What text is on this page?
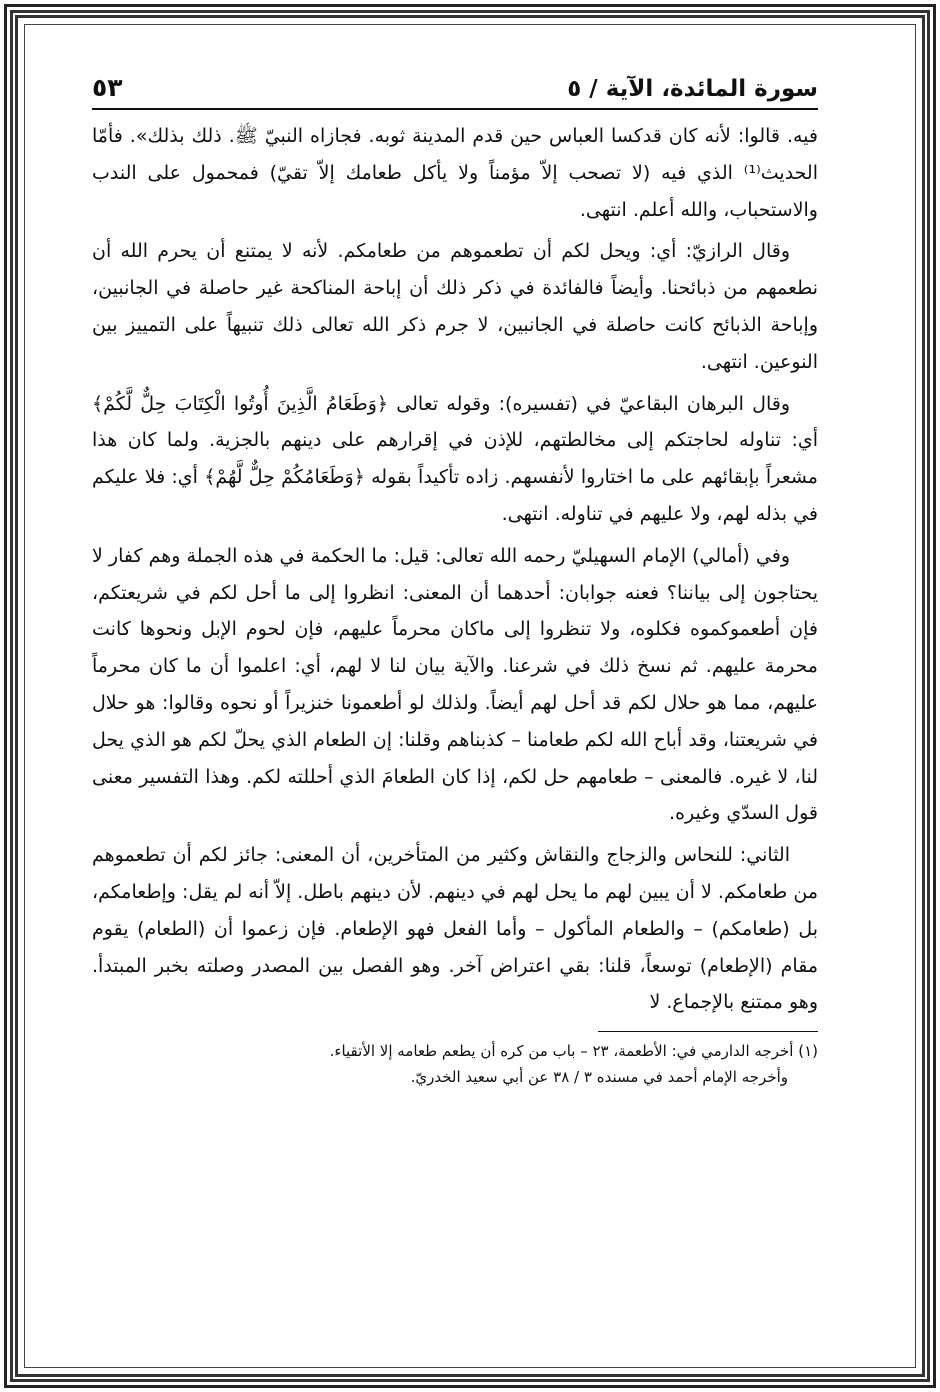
سورة المائدة، الآية / ٥
٥٣

فيه. قالوا: لأنه كان قدكسا العباس حين قدم المدينة ثوبه. فجازاه النبيّ ﷺ. ذلك بذلك». فأمّا الحديث⁽¹⁾ الذي فيه (لا تصحب إلاّ مؤمناً ولا يأكل طعامك إلاّ تقيّ) فمحمول على الندب والاستحباب، والله أعلم. انتهى.

وقال الرازيّ: أي: ويحل لكم أن تطعموهم من طعامكم. لأنه لا يمتنع أن يحرم الله أن نطعمهم من ذبائحنا. وأيضاً فالفائدة في ذكر ذلك أن إباحة المناكحة غير حاصلة في الجانبين، وإباحة الذبائح كانت حاصلة في الجانبين، لا جرم ذكر الله تعالى ذلك تنبيهاً على التمييز بين النوعين. انتهى.

وقال البرهان البقاعيّ في (تفسيره): وقوله تعالى ﴿وَطَعَامُ الَّذِينَ أُوتُوا الْكِتَابَ حِلٌّ لَّكُمْ﴾ أي: تناوله لحاجتكم إلى مخالطتهم، للإذن في إقرارهم على دينهم بالجزية. ولما كان هذا مشعراً بإبقائهم على ما اختاروا لأنفسهم. زاده تأكيداً بقوله ﴿وَطَعَامُكُمْ حِلٌّ لَّهُمْ﴾ أي: فلا عليكم في بذله لهم، ولا عليهم في تناوله. انتهى.

وفي (أمالي) الإمام السهيليّ رحمه الله تعالى: قيل: ما الحكمة في هذه الجملة وهم كفار لا يحتاجون إلى بياننا؟ فعنه جوابان: أحدهما أن المعنى: انظروا إلى ما أحل لكم في شريعتكم، فإن أطعموكموه فكلوه، ولا تنظروا إلى ماكان محرماً عليهم، فإن لحوم الإبل ونحوها كانت محرمة عليهم. ثم نسخ ذلك في شرعنا. والآية بيان لنا لا لهم، أي: اعلموا أن ما كان محرماً عليهم، مما هو حلال لكم قد أحل لهم أيضاً. ولذلك لو أطعمونا خنزيراً أو نحوه وقالوا: هو حلال في شريعتنا، وقد أباح الله لكم طعامنا – كذبناهم وقلنا: إن الطعام الذي يحلّ لكم هو الذي يحل لنا، لا غيره. فالمعنى – طعامهم حل لكم، إذا كان الطعامَ الذي أحللته لكم. وهذا التفسير معنى قول السدّي وغيره.

الثاني: للنحاس والزجاج والنقاش وكثير من المتأخرين، أن المعنى: جائز لكم أن تطعموهم من طعامكم. لا أن يبين لهم ما يحل لهم في دينهم. لأن دينهم باطل. إلاّ أنه لم يقل: وإطعامكم، بل (طعامكم) – والطعام المأكول – وأما الفعل فهو الإطعام. فإن زعموا أن (الطعام) يقوم مقام (الإطعام) توسعاً، قلنا: بقي اعتراض آخر. وهو الفصل بين المصدر وصلته بخبر المبتدأ. وهو ممتنع بالإجماع. لا

(١) أخرجه الدارمي في: الأطعمة، ٢٣ – باب من كره أن يطعم طعامه إلا الأتقياء.

وأخرجه الإمام أحمد في مسنده ٣ / ٣٨ عن أبي سعيد الخدريّ.
